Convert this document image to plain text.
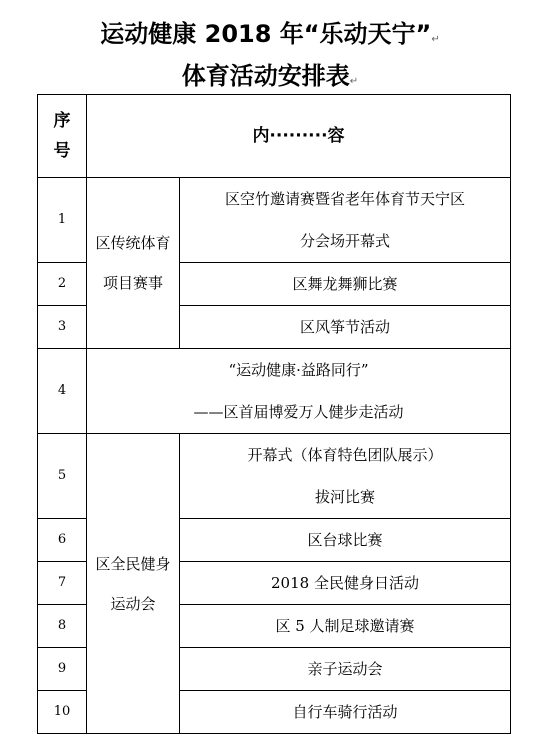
运动健康 2018 年“乐动天宁”↵
体育活动安排表↵
序
号	内·········容	
1	区传统体育项目赛事	区空竹邀请赛暨省老年体育节天宁区
分会场开幕式

2		区舞龙舞狮比赛
3		区风筝节活动
4	“运动健康·益路同行”
——区首届博爱万人健步走活动	

5	区全民健身运动会	开幕式（体育特色团队展示）
拔河比赛

6		区台球比赛
7		2018 全民健身日活动
8		区 5 人制足球邀请赛
9		亲子运动会
10		自行车骑行活动
